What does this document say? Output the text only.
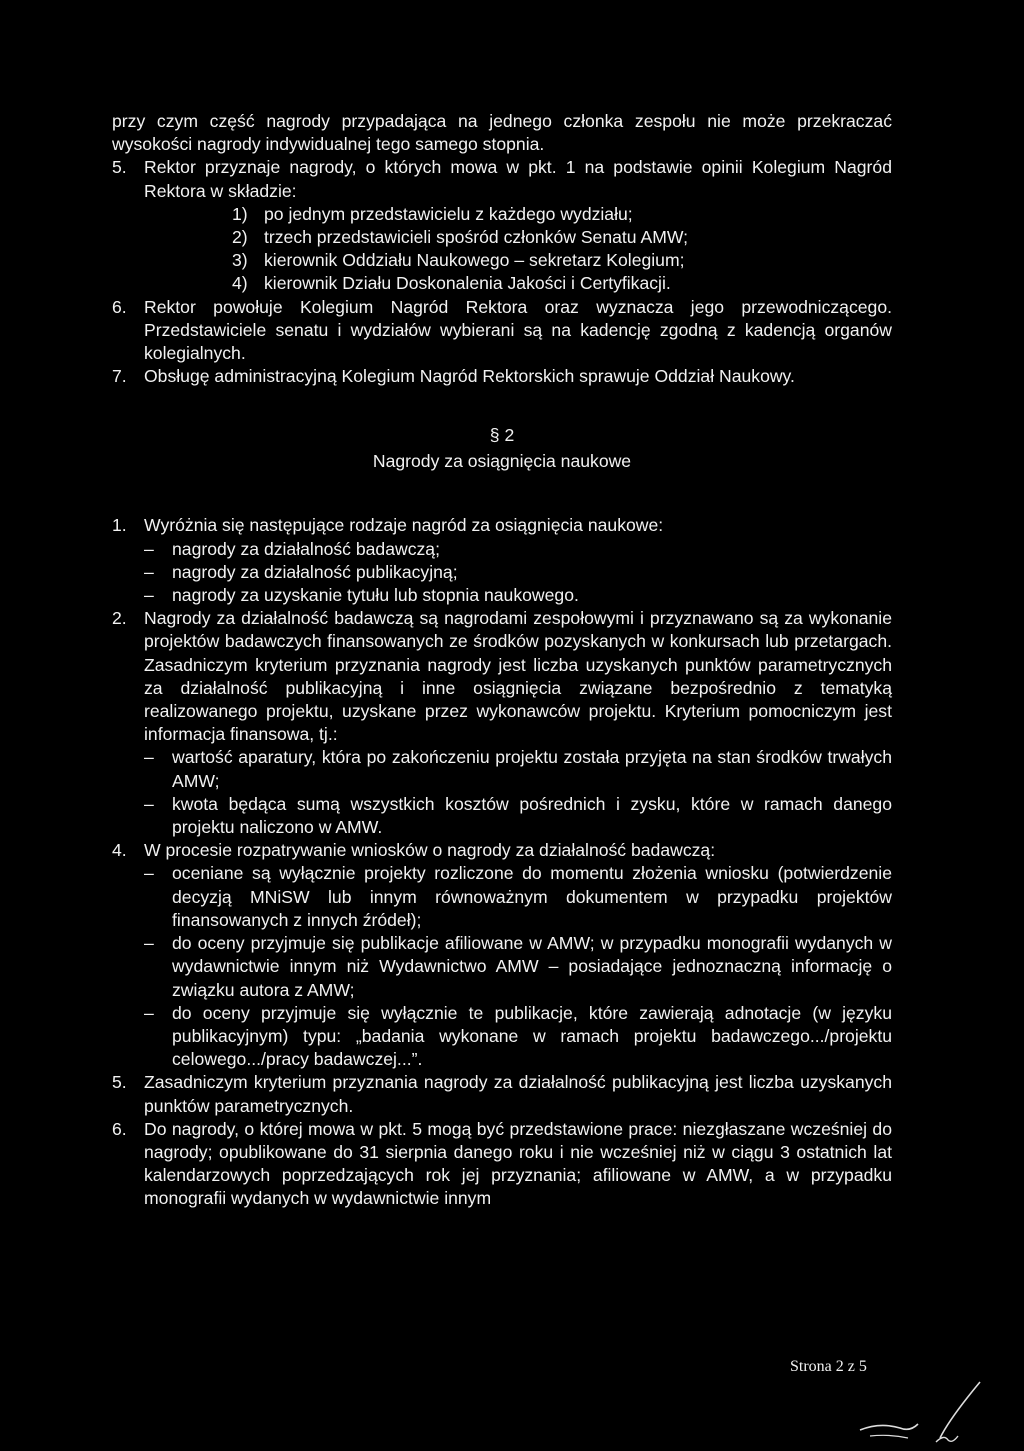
przy czym część nagrody przypadająca na jednego członka zespołu nie może przekraczać wysokości nagrody indywidualnej tego samego stopnia.

5. Rektor przyznaje nagrody, o których mowa w pkt. 1 na podstawie opinii Kolegium Nagród Rektora w składzie:
1) po jednym przedstawicielu z każdego wydziału;
2) trzech przedstawicieli spośród członków Senatu AMW;
3) kierownik Oddziału Naukowego – sekretarz Kolegium;
4) kierownik Działu Doskonalenia Jakości i Certyfikacji.
6. Rektor powołuje Kolegium Nagród Rektora oraz wyznacza jego przewodniczącego. Przedstawiciele senatu i wydziałów wybierani są na kadencję zgodną z kadencją organów kolegialnych.
7. Obsługę administracyjną Kolegium Nagród Rektorskich sprawuje Oddział Naukowy.
§ 2
Nagrody za osiągnięcia naukowe
1. Wyróżnia się następujące rodzaje nagród za osiągnięcia naukowe:
–	nagrody za działalność badawczą;
–	nagrody za działalność publikacyjną;
–	nagrody za uzyskanie tytułu lub stopnia naukowego.
2. Nagrody za działalność badawczą są nagrodami zespołowymi i przyznawano są za wykonanie projektów badawczych finansowanych ze środków pozyskanych w konkursach lub przetargach. Zasadniczym kryterium przyznania nagrody jest liczba uzyskanych punktów parametrycznych za działalność publikacyjną i inne osiągnięcia związane bezpośrednio z tematyką realizowanego projektu, uzyskane przez wykonawców projektu. Kryterium pomocniczym jest informacja finansowa, tj.:
–	wartość aparatury, która po zakończeniu projektu została przyjęta na stan środków trwałych AMW;
–	kwota będąca sumą wszystkich kosztów pośrednich i zysku, które w ramach danego projektu naliczono w AMW.
4. W procesie rozpatrywanie wniosków o nagrody za działalność badawczą:
–	oceniane są wyłącznie projekty rozliczone do momentu złożenia wniosku (potwierdzenie decyzją MNiSW lub innym równoważnym dokumentem w przypadku projektów finansowanych z innych źródeł);
–	do oceny przyjmuje się publikacje afiliowane w AMW; w przypadku monografii wydanych w wydawnictwie innym niż Wydawnictwo AMW – posiadające jednoznaczną informację o związku autora z AMW;
–	do oceny przyjmuje się wyłącznie te publikacje, które zawierają adnotacje (w języku publikacyjnym) typu: „badania wykonane w ramach projektu badawczego.../projektu celowego.../pracy badawczej...”.
5. Zasadniczym kryterium przyznania nagrody za działalność publikacyjną jest liczba uzyskanych punktów parametrycznych.
6. Do nagrody, o której mowa w pkt. 5 mogą być przedstawione prace: niezgłaszane wcześniej do nagrody; opublikowane do 31 sierpnia danego roku i nie wcześniej niż w ciągu 3 ostatnich lat kalendarzowych poprzedzających rok jej przyznania; afiliowane w AMW, a w przypadku monografii wydanych w wydawnictwie innym
Strona 2 z 5
